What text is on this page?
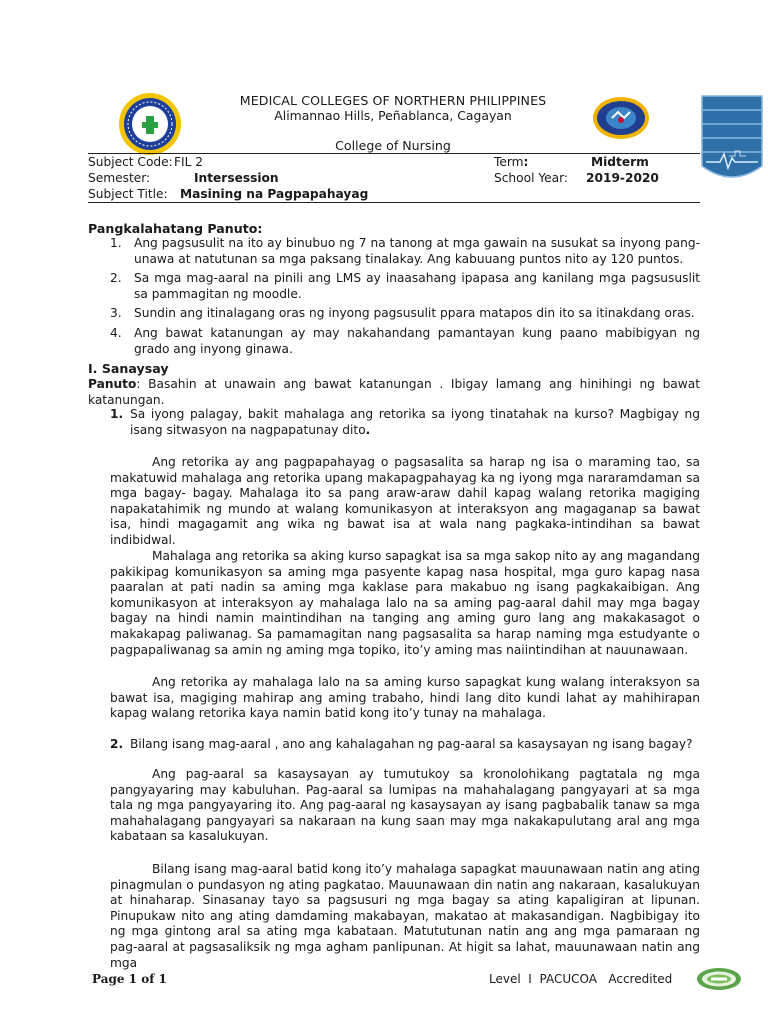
MEDICAL COLLEGES OF NORTHERN PHILIPPINES
Alimannao Hills, Peñablanca, Cagayan
College of Nursing
Subject Code: FIL 2	Term:	Midterm
Semester:	Intersession	School Year: 2019-2020
Subject Title: Masining na Pagpapahayag
Pangkalahatang Panuto:
1. Ang pagsusulit na ito ay binubuo ng 7 na tanong at mga gawain na susukat sa inyong pang-unawa at natutunan sa mga paksang tinalakay. Ang kabuuang puntos nito ay 120 puntos.
2. Sa mga mag-aaral na pinili ang LMS ay inaasahang ipapasa ang kanilang mga pagsususlit sa pammagitan ng moodle.
3. Sundin ang itinalagang oras ng inyong pagsusulit ppara matapos din ito sa itinakdang oras.
4. Ang bawat katanungan ay may nakahandang pamantayan kung paano mabibigyan ng grado ang inyong ginawa.
I. Sanaysay
Panuto: Basahin at unawain ang bawat katanungan . Ibigay lamang ang hinihingi ng bawat katanungan.
1. Sa iyong palagay, bakit mahalaga ang retorika sa iyong tinatahak na kurso? Magbigay ng isang sitwasyon na nagpapatunay dito.
Ang retorika ay ang pagpapahayag o pagsasalita sa harap ng isa o maraming tao, sa makatuwid mahalaga ang retorika upang makapagpahayag ka ng iyong mga nararamdaman sa mga bagay- bagay. Mahalaga ito sa pang araw-araw dahil kapag walang retorika magiging napakatahimik ng mundo at walang komunikasyon at interaksyon ang magaganap sa bawat isa, hindi magagamit ang wika ng bawat isa at wala nang pagkaka-intindihan sa bawat indibidwal.
Mahalaga ang retorika sa aking kurso sapagkat isa sa mga sakop nito ay ang magandang pakikipag komunikasyon sa aming mga pasyente kapag nasa hospital, mga guro kapag nasa paaralan at pati nadin sa aming mga kaklase para makabuo ng isang pagkakaibigan. Ang komunikasyon at interaksyon ay mahalaga lalo na sa aming pag-aaral dahil may mga bagay bagay na hindi namin maintindihan na tanging ang aming guro lang ang makakasagot o makakapag paliwanag. Sa pamamagitan nang pagsasalita sa harap naming mga estudyante o pagpapaliwanag sa amin ng aming mga topiko, ito’y aming mas naiintindihan at nauunawaan.
Ang retorika ay mahalaga lalo na sa aming kurso sapagkat kung walang interaksyon sa bawat isa, magiging mahirap ang aming trabaho, hindi lang dito kundi lahat ay mahihirapan kapag walang retorika kaya namin batid kong ito’y tunay na mahalaga.
2. Bilang isang mag-aaral , ano ang kahalagahan ng pag-aaral sa kasaysayan ng isang bagay?
Ang pag-aaral sa kasaysayan ay tumutukoy sa kronolohikang pagtatala ng mga pangyayaring may kabuluhan. Pag-aaral sa lumipas na mahahalagang pangyayari at sa mga tala ng mga pangyayaring ito. Ang pag-aaral ng kasaysayan ay isang pagbabalik tanaw sa mga mahahalagang pangyayari sa nakaraan na kung saan may mga nakakapulutang aral ang mga kabataan sa kasalukuyan.
Bilang isang mag-aaral batid kong ito’y mahalaga sapagkat mauunawaan natin ang ating pinagmulan o pundasyon ng ating pagkatao. Mauunawaan din natin ang nakaraan, kasalukuyan at hinaharap. Sinasanay tayo sa pagsusuri ng mga bagay sa ating kapaligiran at lipunan. Pinupukaw nito ang ating damdaming makabayan, makatao at makasandigan. Nagbibigay ito ng mga gintong aral sa ating mga kabataan. Matututunan natin ang ang mga pamaraan ng pag-aaral at pagsasaliksik ng mga agham panlipunan. At higit sa lahat, mauunawaan natin ang mga
Page 1 of 1	Level  I  PACUCOA   Accredited
